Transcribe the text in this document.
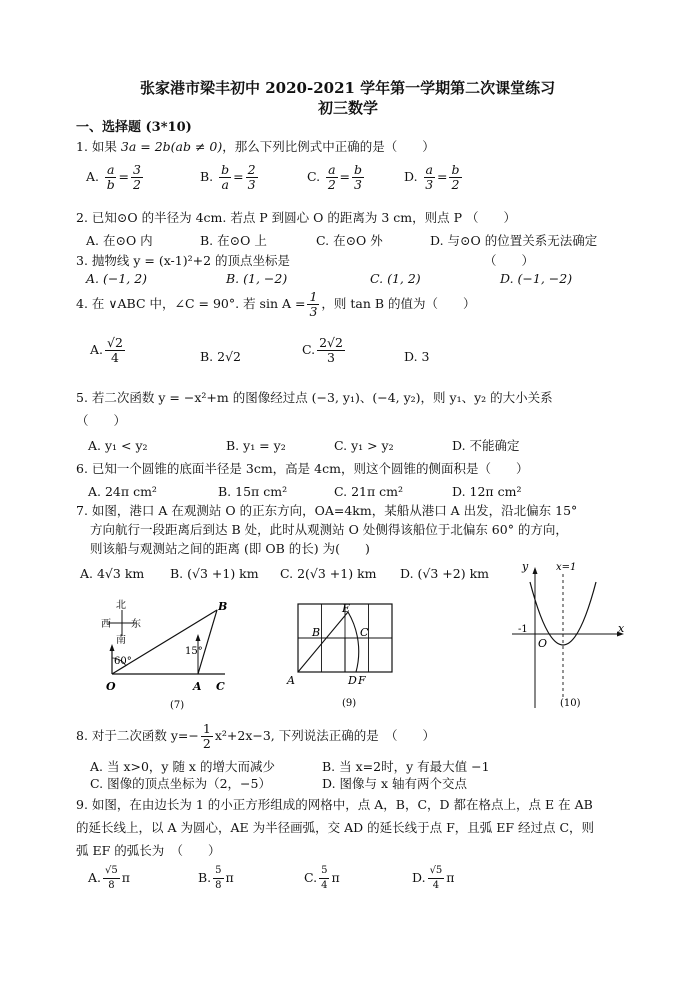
张家港市梁丰初中 2020-2021 学年第一学期第二次课堂练习
初三数学
一、选择题 (3*10)
1. 如果 3a = 2b(ab ≠ 0)，那么下列比例式中正确的是（　　）
A. $\frac{a}{b} = \frac{3}{2}$	B. $\frac{b}{a} = \frac{2}{3}$	C. $\frac{a}{2} = \frac{b}{3}$	D. $\frac{a}{3} = \frac{b}{2}$
2. 已知⊙O 的半径为 4cm. 若点 P 到圆心 O 的距离为 3 cm，则点 P （　　）
A. 在⊙O 内	B. 在⊙O 上	C. 在⊙O 外	D. 与⊙O 的位置关系无法确定
3. 抛物线 y = (x-1)²+2 的顶点坐标是	（　　）
A. (−1, 2)	B. (1, −2)	C. (1, 2)	D. (−1, −2)
4. 在 ∨ABC 中，∠C = 90°. 若 $\sin A = \frac{1}{3}$ ，则 tan B 的值为（　　）
A. $\frac{√2}{4}$	B. 2√2	C. $\frac{2√2}{3}$	D. 3
5. 若二次函数 y = −x²+m 的图像经过点 (−3, y₁)、(−4, y₂)，则 y₁、y₂ 的大小关系
（　　）
A. y₁ < y₂	B. y₁ = y₂	C. y₁ > y₂	D. 不能确定
6. 已知一个圆锥的底面半径是 3cm，高是 4cm，则这个圆锥的侧面积是（　　）
A. 24π cm²	B. 15π cm²	C. 21π cm²	D. 12π cm²
7. 如图，港口 A 在观测站 O 的正东方向，OA=4km，某船从港口 A 出发，沿北偏东 15°
方向航行一段距离后到达 B 处，此时从观测站 O 处侧得该船位于北偏东 60° 的方向，
则该船与观测站之间的距离 (即 OB 的长) 为(　　)
A. 4√3 km B. (√3 +1) km C. 2(√3 +1) km D. (√3 +2) km
北
西 东
南
60°
15°
O	A C
B
(7)
A
B	C
E
D F
(9)
y
x
x=1
O
-1
(10)
8. 对于二次函数 $y=- \frac{1}{2} x^2+2x-3$, 下列说法正确的是　（　　）
A. 当 x>0，y 随 x 的增大而减少	B. 当 x=2时，y 有最大值 −1
C. 图像的顶点坐标为（2，−5）	D. 图像与 x 轴有两个交点
9. 如图，在由边长为 1 的小正方形组成的网格中，点 A，B，C，D 都在格点上，点 E 在 AB
的延长线上，以 A 为圆心，AE 为半径画弧，交 AD 的延长线于点 F，且弧 EF 经过点 C，则
弧 EF 的弧长为　（　　）
A. $\frac{√5}{8}$ π	B. $\frac{5}{8}$ π	C. $\frac{5}{4}$ π	D. $\frac{√5}{4}$ π
